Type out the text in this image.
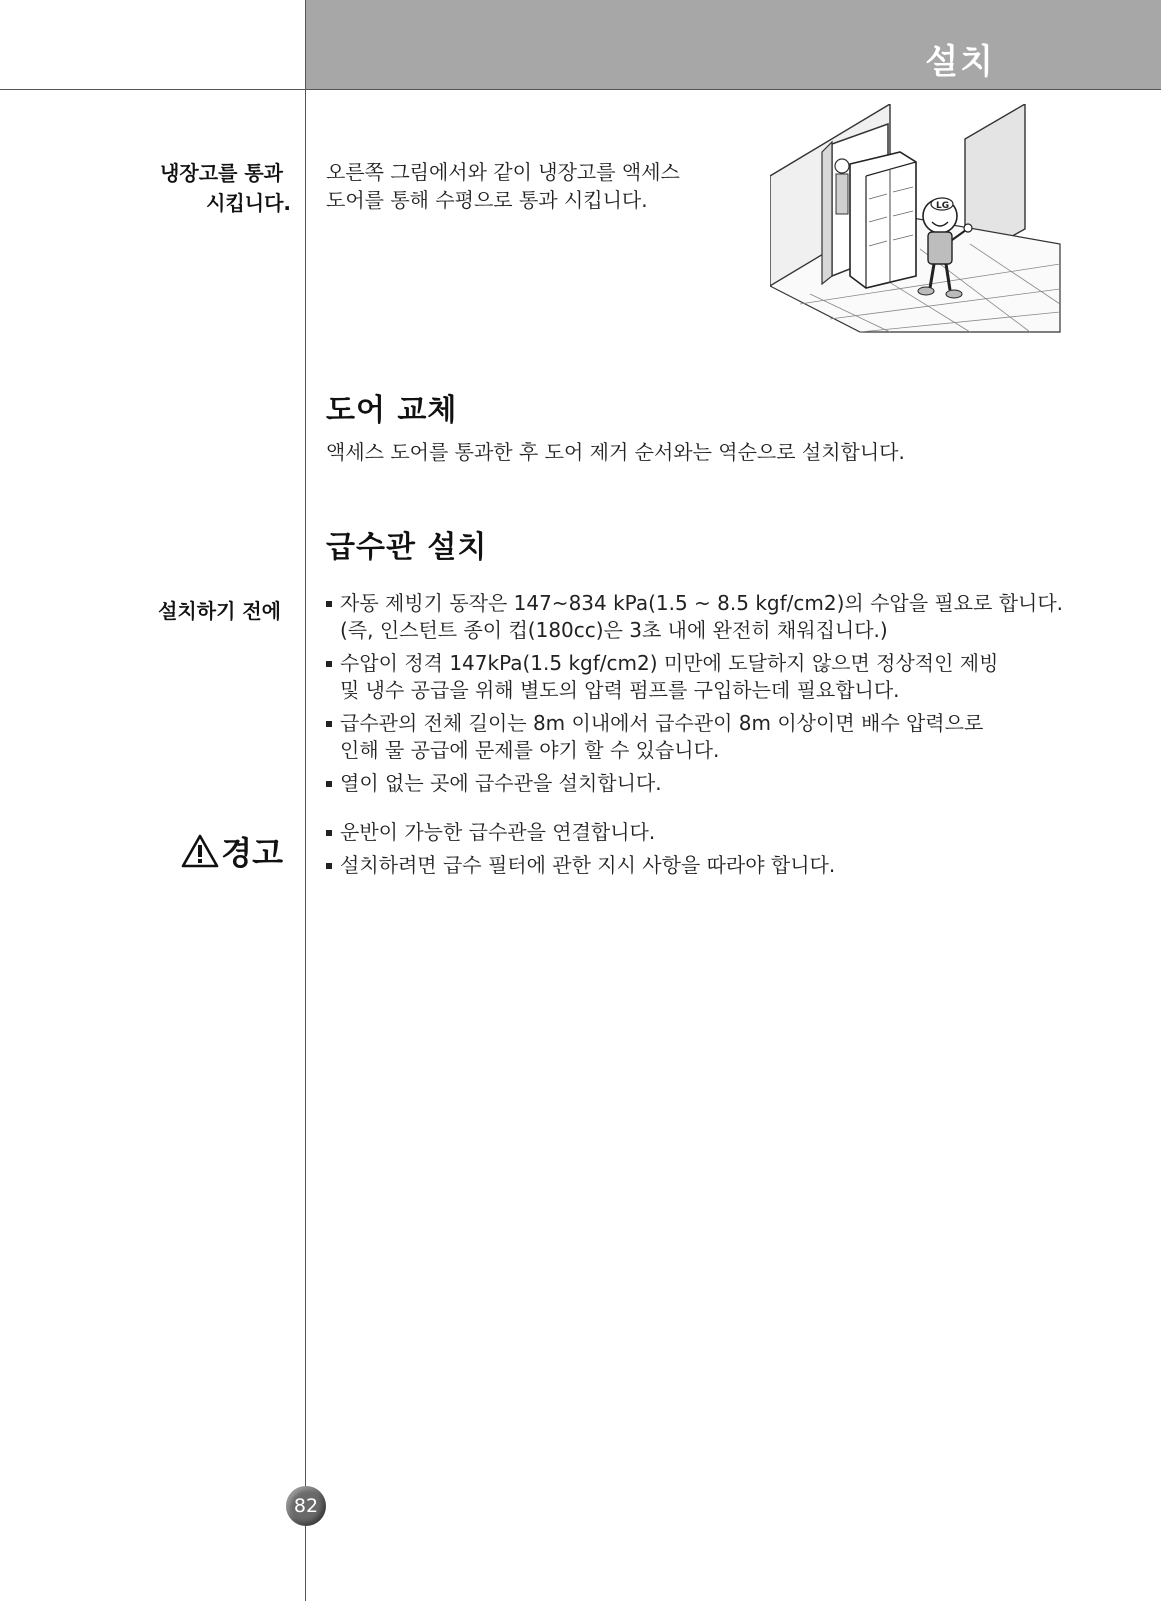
설치
냉장고를 통과
시킵니다.
오른쪽 그림에서와 같이 냉장고를 액세스
도어를 통해 수평으로 통과 시킵니다.	LG
도어 교체
액세스 도어를 통과한 후 도어 제거 순서와는 역순으로 설치합니다.
급수관 설치
설치하기 전에	자동 제빙기 동작은 147~834 kPa(1.5 ~ 8.5 kgf/cm2)의 수압을 필요로 합니다.
(즉, 인스턴트 종이 컵(180cc)은 3초 내에 완전히 채워집니다.)
수압이 정격 147kPa(1.5 kgf/cm2) 미만에 도달하지 않으면 정상적인 제빙
및 냉수 공급을 위해 별도의 압력 펌프를 구입하는데 필요합니다.
급수관의 전체 길이는 8m 이내에서 급수관이 8m 이상이면 배수 압력으로
인해 물 공급에 문제를 야기 할 수 있습니다.
열이 없는 곳에 급수관을 설치합니다.
경고
운반이 가능한 급수관을 연결합니다.
설치하려면 급수 필터에 관한 지시 사항을 따라야 합니다.
82
